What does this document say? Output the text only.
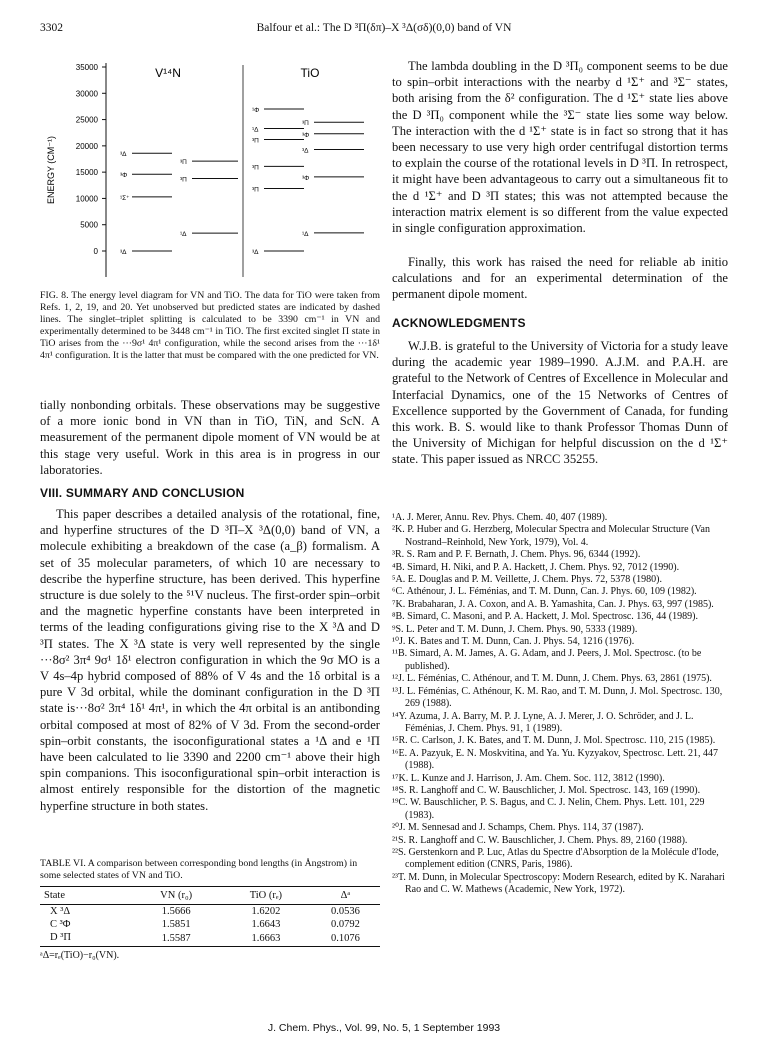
3302	Balfour et al.: The D ³Π(δπ)–X ³Δ(σδ)(0,0) band of VN
35000
30000
25000
20000
15000
10000
5000
0
ENERGY (CM⁻¹)
V¹⁴N	TiO
³Δ
¹Δ
¹Σ⁺
³Π
³Φ
³Π
³Δ
³Δ
¹Δ
³Π
³Φ
³Π
³Δ
³Π
³Φ
¹Δ
³Π
¹Φ
FIG. 8. The energy level diagram for VN and TiO. The data for TiO were taken from Refs. 1, 2, 19, and 20. Yet unobserved but predicted states are indicated by dashed lines. The singlet–triplet splitting is calculated to be 3390 cm⁻¹ in VN and experimentally determined to be 3448 cm⁻¹ in TiO. The first excited singlet Π state in TiO arises from the ···9σ¹ 4π¹ configuration, while the second arises from the ···1δ¹ 4π¹ configuration. It is the latter that must be compared with the one predicted for VN.
tially nonbonding orbitals. These observations may be suggestive of a more ionic bond in VN than in TiO, TiN, and ScN. A measurement of the permanent dipole moment of VN would be at this stage very useful. Work in this area is in progress in our laboratories.
VIII. SUMMARY AND CONCLUSION
This paper describes a detailed analysis of the rotational, fine, and hyperfine structures of the D ³Π–X ³Δ(0,0) band of VN, a molecule exhibiting a breakdown of the case (a_β) formalism. A set of 35 molecular parameters, of which 10 are necessary to describe the hyperfine structure, has been derived. This hyperfine structure is due solely to the ⁵¹V nucleus. The first-order spin–orbit and the magnetic hyperfine constants have been interpreted in terms of the leading configurations giving rise to the X ³Δ and D ³Π states. The X ³Δ state is very well represented by the single ···8σ² 3π⁴ 9σ¹ 1δ¹ electron configuration in which the 9σ MO is a V 4s–4p hybrid composed of 88% of V 4s and the 1δ orbital is a pure V 3d orbital, while the dominant configuration in the D ³Π state is···8σ² 3π⁴ 1δ¹ 4π¹, in which the 4π orbital is an antibonding orbital composed at most of 82% of V 3d. From the second-order spin–orbit constants, the isoconfigurational states a ¹Δ and e ¹Π have been calculated to lie 3390 and 2200 cm⁻¹ above their high spin companions. This isoconfigurational spin–orbit interaction is almost entirely responsible for the distortion of the magnetic hyperfine structure in both states.
TABLE VI. A comparison between corresponding bond lengths (in Ångstrom) in some selected states of VN and TiO.
State	VN (r₀)	TiO (rₑ)	Δᵃ
X ³Δ	1.5666	1.6202	0.0536
C ³Φ	1.5851	1.6643	0.0792
D ³Π	1.5587	1.6663	0.1076
ᵃΔ=rₑ(TiO)−r₀(VN).
The lambda doubling in the D ³Π₀ component seems to be due to spin–orbit interactions with the nearby d ¹Σ⁺ and ³Σ⁻ states, both arising from the δ² configuration. The d ¹Σ⁺ state lies above the D ³Π₀ component while the ³Σ⁻ state lies some way below. The interaction with the d ¹Σ⁺ state is in fact so strong that it has been necessary to use very high order centrifugal distortion terms to explain the course of the rotational levels in D ³Π. In retrospect, it might have been advantageous to carry out a simultaneous fit to the d ¹Σ⁺ and D ³Π states; this was not attempted because the interaction matrix element is so different from the value expected in single configuration approximation.
Finally, this work has raised the need for reliable ab initio calculations and for an experimental determination of the permanent dipole moment.
ACKNOWLEDGMENTS
W.J.B. is grateful to the University of Victoria for a study leave during the academic year 1989–1990. A.J.M. and P.A.H. are grateful to the Network of Centres of Excellence in Molecular and Interfacial Dynamics, one of the 15 Networks of Centres of Excellence supported by the Government of Canada, for funding this work. B. S. would like to thank Professor Thomas Dunn of the University of Michigan for helpful discussion on the d ¹Σ⁺ state. This paper issued as NRCC 35255.
¹A. J. Merer, Annu. Rev. Phys. Chem. 40, 407 (1989).
²K. P. Huber and G. Herzberg, Molecular Spectra and Molecular Structure (Van Nostrand–Reinhold, New York, 1979), Vol. 4.
³R. S. Ram and P. F. Bernath, J. Chem. Phys. 96, 6344 (1992).
⁴B. Simard, H. Niki, and P. A. Hackett, J. Chem. Phys. 92, 7012 (1990).
⁵A. E. Douglas and P. M. Veillette, J. Chem. Phys. 72, 5378 (1980).
⁶C. Athénour, J. L. Féménias, and T. M. Dunn, Can. J. Phys. 60, 109 (1982).
⁷K. Brabaharan, J. A. Coxon, and A. B. Yamashita, Can. J. Phys. 63, 997 (1985).
⁸B. Simard, C. Masoni, and P. A. Hackett, J. Mol. Spectrosc. 136, 44 (1989).
⁹S. L. Peter and T. M. Dunn, J. Chem. Phys. 90, 5333 (1989).
¹⁰J. K. Bates and T. M. Dunn, Can. J. Phys. 54, 1216 (1976).
¹¹B. Simard, A. M. James, A. G. Adam, and J. Peers, J. Mol. Spectrosc. (to be published).
¹²J. L. Féménias, C. Athénour, and T. M. Dunn, J. Chem. Phys. 63, 2861 (1975).
¹³J. L. Féménias, C. Athénour, K. M. Rao, and T. M. Dunn, J. Mol. Spectrosc. 130, 269 (1988).
¹⁴Y. Azuma, J. A. Barry, M. P. J. Lyne, A. J. Merer, J. O. Schröder, and J. L. Féménias, J. Chem. Phys. 91, 1 (1989).
¹⁵R. C. Carlson, J. K. Bates, and T. M. Dunn, J. Mol. Spectrosc. 110, 215 (1985).
¹⁶E. A. Pazyuk, E. N. Moskvitina, and Ya. Yu. Kyzyakov, Spectrosc. Lett. 21, 447 (1988).
¹⁷K. L. Kunze and J. Harrison, J. Am. Chem. Soc. 112, 3812 (1990).
¹⁸S. R. Langhoff and C. W. Bauschlicher, J. Mol. Spectrosc. 143, 169 (1990).
¹⁹C. W. Bauschlicher, P. S. Bagus, and C. J. Nelin, Chem. Phys. Lett. 101, 229 (1983).
²⁰J. M. Sennesad and J. Schamps, Chem. Phys. 114, 37 (1987).
²¹S. R. Langhoff and C. W. Bauschlicher, J. Chem. Phys. 89, 2160 (1988).
²²S. Gerstenkorn and P. Luc, Atlas du Spectre d'Absorption de la Molécule d'Iode, complement edition (CNRS, Paris, 1986).
²³T. M. Dunn, in Molecular Spectroscopy: Modern Research, edited by K. Narahari Rao and C. W. Mathews (Academic, New York, 1972).
J. Chem. Phys., Vol. 99, No. 5, 1 September 1993
